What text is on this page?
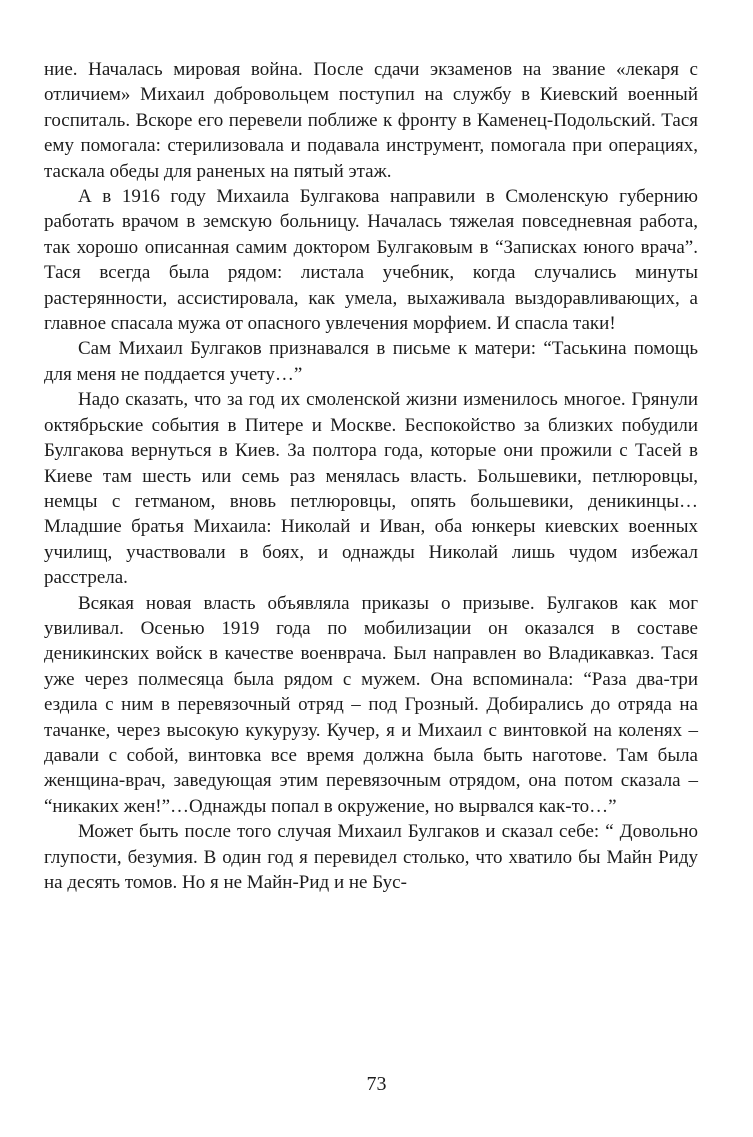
ние. Началась мировая война. После сдачи экзаменов на звание «лекаря с отличием» Михаил добровольцем поступил на службу в Киевский военный госпиталь. Вскоре его перевели поближе к фронту в Каменец-Подольский. Тася ему помогала: стерилизовала и подавала инструмент, помогала при операциях, таскала обеды для раненых на пятый этаж.

А в 1916 году Михаила Булгакова направили в Смоленскую губернию работать врачом в земскую больницу. Началась тяжелая повседневная работа, так хорошо описанная самим доктором Булгаковым в “Записках юного врача”. Тася всегда была рядом: листала учебник, когда случались минуты растерянности, ассистировала, как умела, выхаживала выздоравливающих, а главное спасала мужа от опасного увлечения морфием. И спасла таки!

Сам Михаил Булгаков признавался в письме к матери: “Таськина помощь для меня не поддается учету…”

Надо сказать, что за год их смоленской жизни изменилось многое. Грянули октябрьские события в Питере и Москве. Беспокойство за близких побудили Булгакова вернуться в Киев. За полтора года, которые они прожили с Тасей в Киеве там шесть или семь раз менялась власть. Большевики, петлюровцы, немцы с гетманом, вновь петлюровцы, опять большевики, деникинцы… Младшие братья Михаила: Николай и Иван, оба юнкеры киевских военных училищ, участвовали в боях, и однажды Николай лишь чудом избежал расстрела.

Всякая новая власть объявляла приказы о призыве. Булгаков как мог увиливал. Осенью 1919 года по мобилизации он оказался в составе деникинских войск в качестве военврача. Был направлен во Владикавказ. Тася уже через полмесяца была рядом с мужем. Она вспоминала: “Раза два-три ездила с ним в перевязочный отряд – под Грозный. Добирались до отряда на тачанке, через высокую кукурузу. Кучер, я и Михаил с винтовкой на коленях – давали с собой, винтовка все время должна была быть наготове. Там была женщина-врач, заведующая этим перевязочным отрядом, она потом сказала – “никаких жен!”…Однажды попал в окружение, но вырвался как-то…”

Может быть после того случая Михаил Булгаков и сказал себе: “ Довольно глупости, безумия. В один год я перевидел столько, что хватило бы Майн Риду на десять томов. Но я не Майн-Рид и не Бус-

73
